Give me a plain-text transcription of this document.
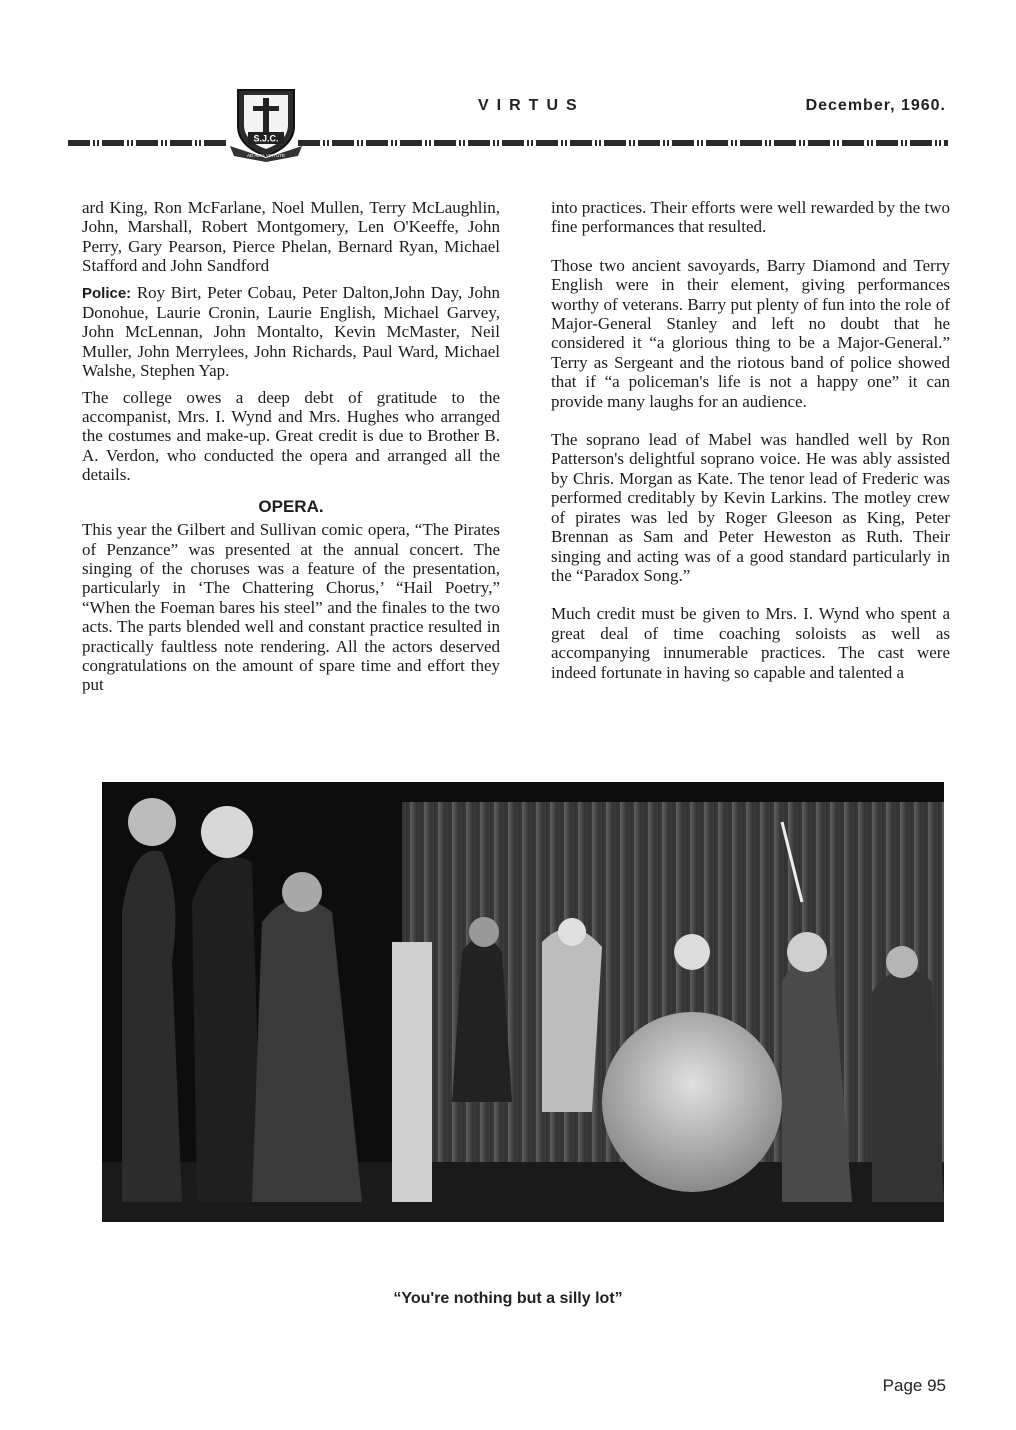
S.J.C.
AD ALTA VIRTUTE
VIRTUS	December, 1960.

ard King, Ron McFarlane, Noel Mullen, Terry McLaughlin, John, Marshall, Robert Montgomery, Len O'Keeffe, John Perry, Gary Pearson, Pierce Phelan, Bernard Ryan, Michael Stafford and John Sandford

Police: Roy Birt, Peter Cobau, Peter Dalton,John Day, John Donohue, Laurie Cronin, Laurie English, Michael Garvey, John McLennan, John Montalto, Kevin McMaster, Neil Muller, John Merrylees, John Richards, Paul Ward, Michael Walshe, Stephen Yap.

The college owes a deep debt of gratitude to the accompanist, Mrs. I. Wynd and Mrs. Hughes who arranged the costumes and make-up. Great credit is due to Brother B. A. Verdon, who conducted the opera and arranged all the details.

OPERA.

This year the Gilbert and Sullivan comic opera, “The Pirates of Penzance” was presented at the annual concert. The singing of the choruses was a feature of the presentation, particularly in ‘The Chattering Chorus,’ “Hail Poetry,” “When the Foeman bares his steel” and the finales to the two acts. The parts blended well and constant practice resulted in practically faultless note rendering. All the actors deserved congratulations on the amount of spare time and effort they put

into practices. Their efforts were well rewarded by the two fine performances that resulted.

Those two ancient savoyards, Barry Diamond and Terry English were in their element, giving performances worthy of veterans. Barry put plenty of fun into the role of Major-General Stanley and left no doubt that he considered it “a glorious thing to be a Major-General.” Terry as Sergeant and the riotous band of police showed that if “a policeman's life is not a happy one” it can provide many laughs for an audience.

The soprano lead of Mabel was handled well by Ron Patterson's delightful soprano voice. He was ably assisted by Chris. Morgan as Kate. The tenor lead of Frederic was performed creditably by Kevin Larkins. The motley crew of pirates was led by Roger Gleeson as King, Peter Brennan as Sam and Peter Heweston as Ruth. Their singing and acting was of a good standard particularly in the “Paradox Song.”

Much credit must be given to Mrs. I. Wynd who spent a great deal of time coaching soloists as well as accompanying innumerable practices. The cast were indeed fortunate in having so capable and talented a

“You're nothing but a silly lot”
Page 95
